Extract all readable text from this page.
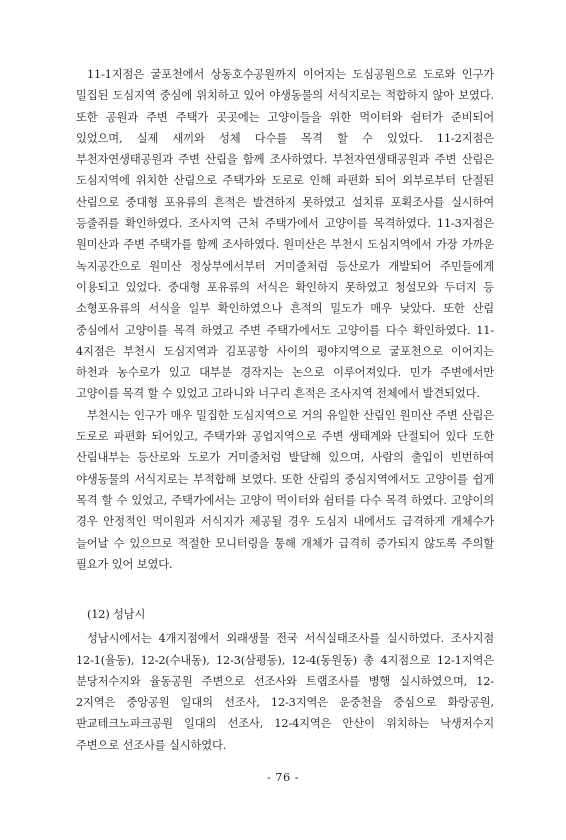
11-1지점은 굴포천에서 상동호수공원까지 이어지는 도심공원으로 도로와 인구가 밀집된 도심지역 중심에 위치하고 있어 야생동물의 서식지로는 적합하지 않아 보였다. 또한 공원과 주변 주택가 곳곳에는 고양이들을 위한 먹이터와 쉼터가 준비되어 있었으며, 실제 새끼와 성체 다수를 목격 할 수 있었다. 11-2지점은 부천자연생태공원과 주변 산림을 함께 조사하였다. 부천자연생태공원과 주변 산림은 도심지역에 위치한 산림으로 주택가와 도로로 인해 파편화 되어 외부로부터 단절된 산림으로 중대형 포유류의 흔적은 발견하지 못하였고 설치류 포획조사를 실시하여 등줄쥐를 확인하였다. 조사지역 근처 주택가에서 고양이를 목격하였다. 11-3지점은 원미산과 주변 주택가를 함께 조사하였다. 원미산은 부천시 도심지역에서 가장 가까운 녹지공간으로 원미산 정상부에서부터 거미줄처럼 등산로가 개발되어 주민들에게 이용되고 있었다. 중대형 포유류의 서식은 확인하지 못하였고 청설모와 두더지 등 소형포유류의 서식을 일부 확인하였으나 흔적의 밀도가 매우 낮았다. 또한 산림 중심에서 고양이를 목격 하였고 주변 주택가에서도 고양이를 다수 확인하였다. 11-4지점은 부천시 도심지역과 김포공항 사이의 평야지역으로 굴포천으로 이어지는 하천과 농수로가 있고 대부분 경작지는 논으로 이루어져있다. 민가 주변에서만 고양이를 목격 할 수 있었고 고라니와 너구리 흔적은 조사지역 전체에서 발견되었다.

부천시는 인구가 매우 밀집한 도심지역으로 거의 유일한 산림인 원미산 주변 산림은 도로로 파편화 되어있고, 주택가와 공업지역으로 주변 생태계와 단절되어 있다 도한 산림내부는 등산로와 도로가 거미줄처럼 발달해 있으며, 사람의 출입이 빈번하여 야생동물의 서식지로는 부적합해 보였다. 또한 산림의 중심지역에서도 고양이를 쉽게 목격 할 수 있었고, 주택가에서는 고양이 먹이터와 쉼터를 다수 목격 하였다. 고양이의 경우 안정적인 먹이원과 서식지가 제공될 경우 도심지 내에서도 급격하게 개체수가 늘어날 수 있으므로 적절한 모니터링을 통해 개체가 급격히 증가되지 않도록 주의할 필요가 있어 보였다.

(12) 성남시

성남시에서는 4개지점에서 외래생물 전국 서식실태조사를 실시하였다. 조사지점 12-1(율동), 12-2(수내동), 12-3(삼평동), 12-4(동원동) 총 4지점으로 12-1지역은 분당저수지와 율동공원 주변으로 선조사와 트랩조사를 병행 실시하였으며, 12-2지역은 중앙공원 일대의 선조사, 12-3지역은 운중천을 중심으로 화랑공원, 판교테크노파크공원 일대의 선조사, 12-4지역은 안산이 위치하는 낙생저수지 주변으로 선조사를 실시하였다.

- 76 -
